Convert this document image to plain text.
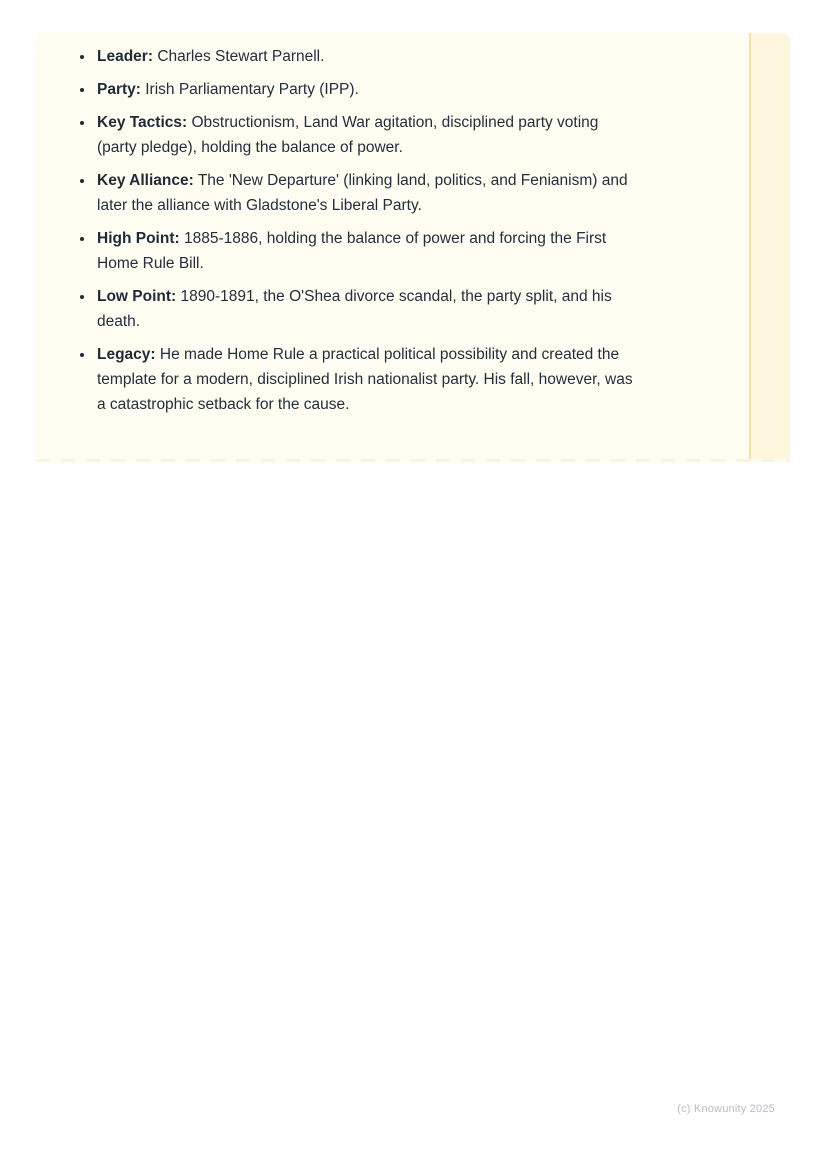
• Leader: Charles Stewart Parnell.
• Party: Irish Parliamentary Party (IPP).
• Key Tactics: Obstructionism, Land War agitation, disciplined party voting (party pledge), holding the balance of power.
• Key Alliance: The 'New Departure' (linking land, politics, and Fenianism) and later the alliance with Gladstone's Liberal Party.
• High Point: 1885-1886, holding the balance of power and forcing the First Home Rule Bill.
• Low Point: 1890-1891, the O'Shea divorce scandal, the party split, and his death.
• Legacy: He made Home Rule a practical political possibility and created the template for a modern, disciplined Irish nationalist party. His fall, however, was a catastrophic setback for the cause.
(c) Knowunity 2025
